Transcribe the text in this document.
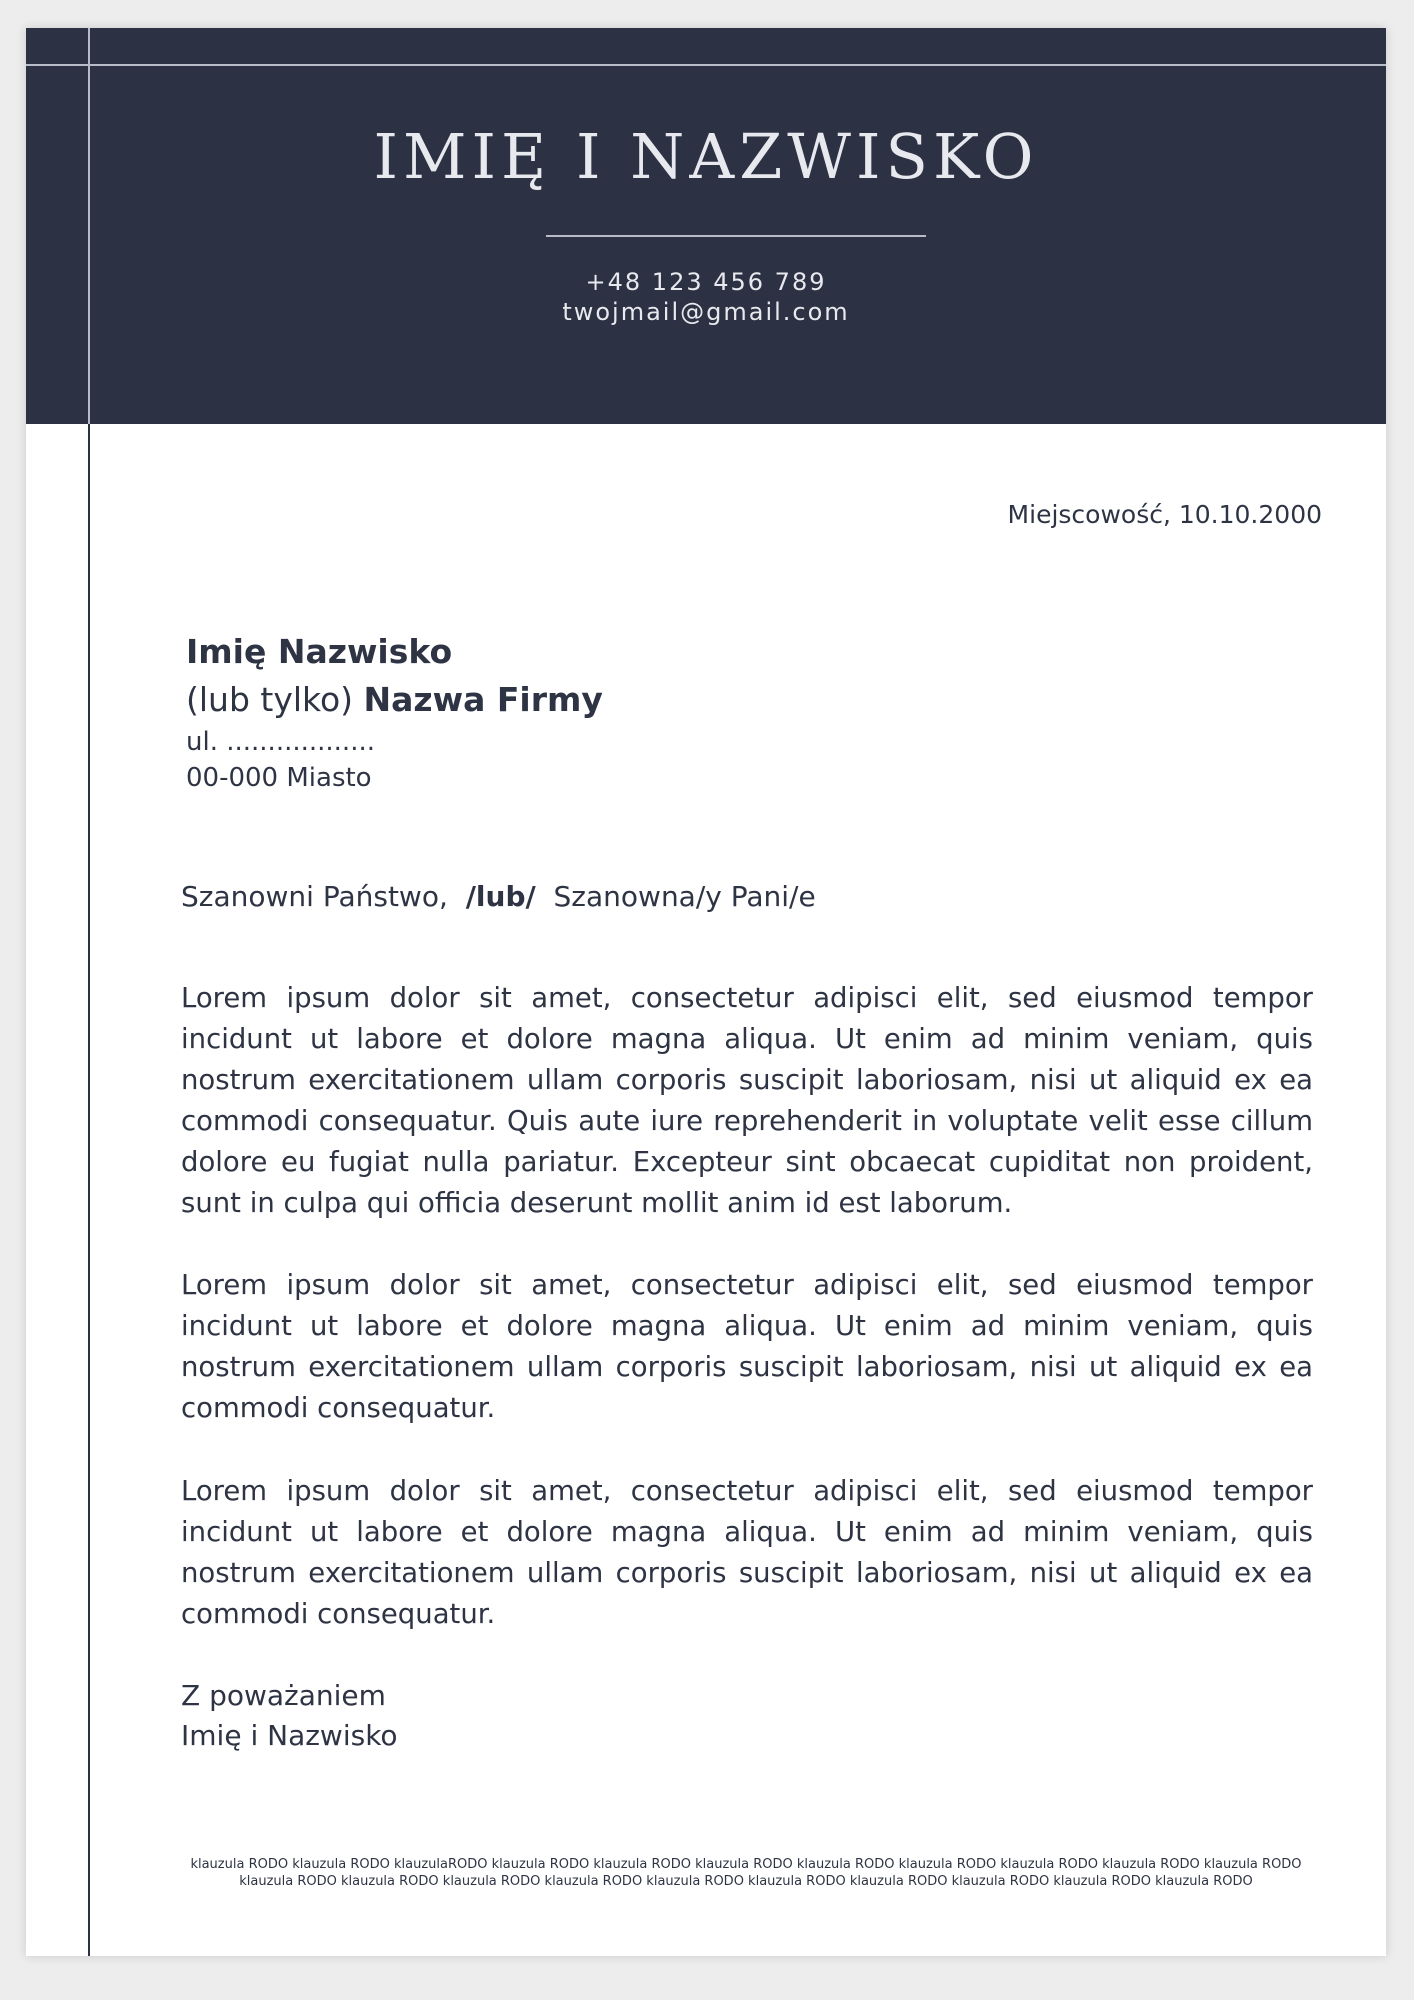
IMIĘ I NAZWISKO
+48 123 456 789
twojmail@gmail.com
Miejscowość, 10.10.2000
Imię Nazwisko
(lub tylko) Nazwa Firmy
ul. ..................
00-000 Miasto
Szanowni Państwo, /lub/ Szanowna/y Pani/e
Lorem ipsum dolor sit amet, consectetur adipisci elit, sed eiusmod tempor incidunt ut labore et dolore magna aliqua. Ut enim ad minim veniam, quis nostrum exercitationem ullam corporis suscipit laboriosam, nisi ut aliquid ex ea commodi consequatur. Quis aute iure reprehenderit in voluptate velit esse cillum dolore eu fugiat nulla pariatur. Excepteur sint obcaecat cupiditat non proident, sunt in culpa qui officia deserunt mollit anim id est laborum.
Lorem ipsum dolor sit amet, consectetur adipisci elit, sed eiusmod tempor incidunt ut labore et dolore magna aliqua. Ut enim ad minim veniam, quis nostrum exercitationem ullam corporis suscipit laboriosam, nisi ut aliquid ex ea commodi consequatur.
Lorem ipsum dolor sit amet, consectetur adipisci elit, sed eiusmod tempor incidunt ut labore et dolore magna aliqua. Ut enim ad minim veniam, quis nostrum exercitationem ullam corporis suscipit laboriosam, nisi ut aliquid ex ea commodi consequatur.
Z poważaniem
Imię i Nazwisko
klauzula RODO klauzula RODO klauzulaRODO klauzula RODO klauzula RODO klauzula RODO klauzula RODO klauzula RODO klauzula RODO klauzula RODO klauzula RODO klauzula RODO klauzula RODO klauzula RODO klauzula RODO klauzula RODO klauzula RODO klauzula RODO klauzula RODO klauzula RODO klauzula RODO
